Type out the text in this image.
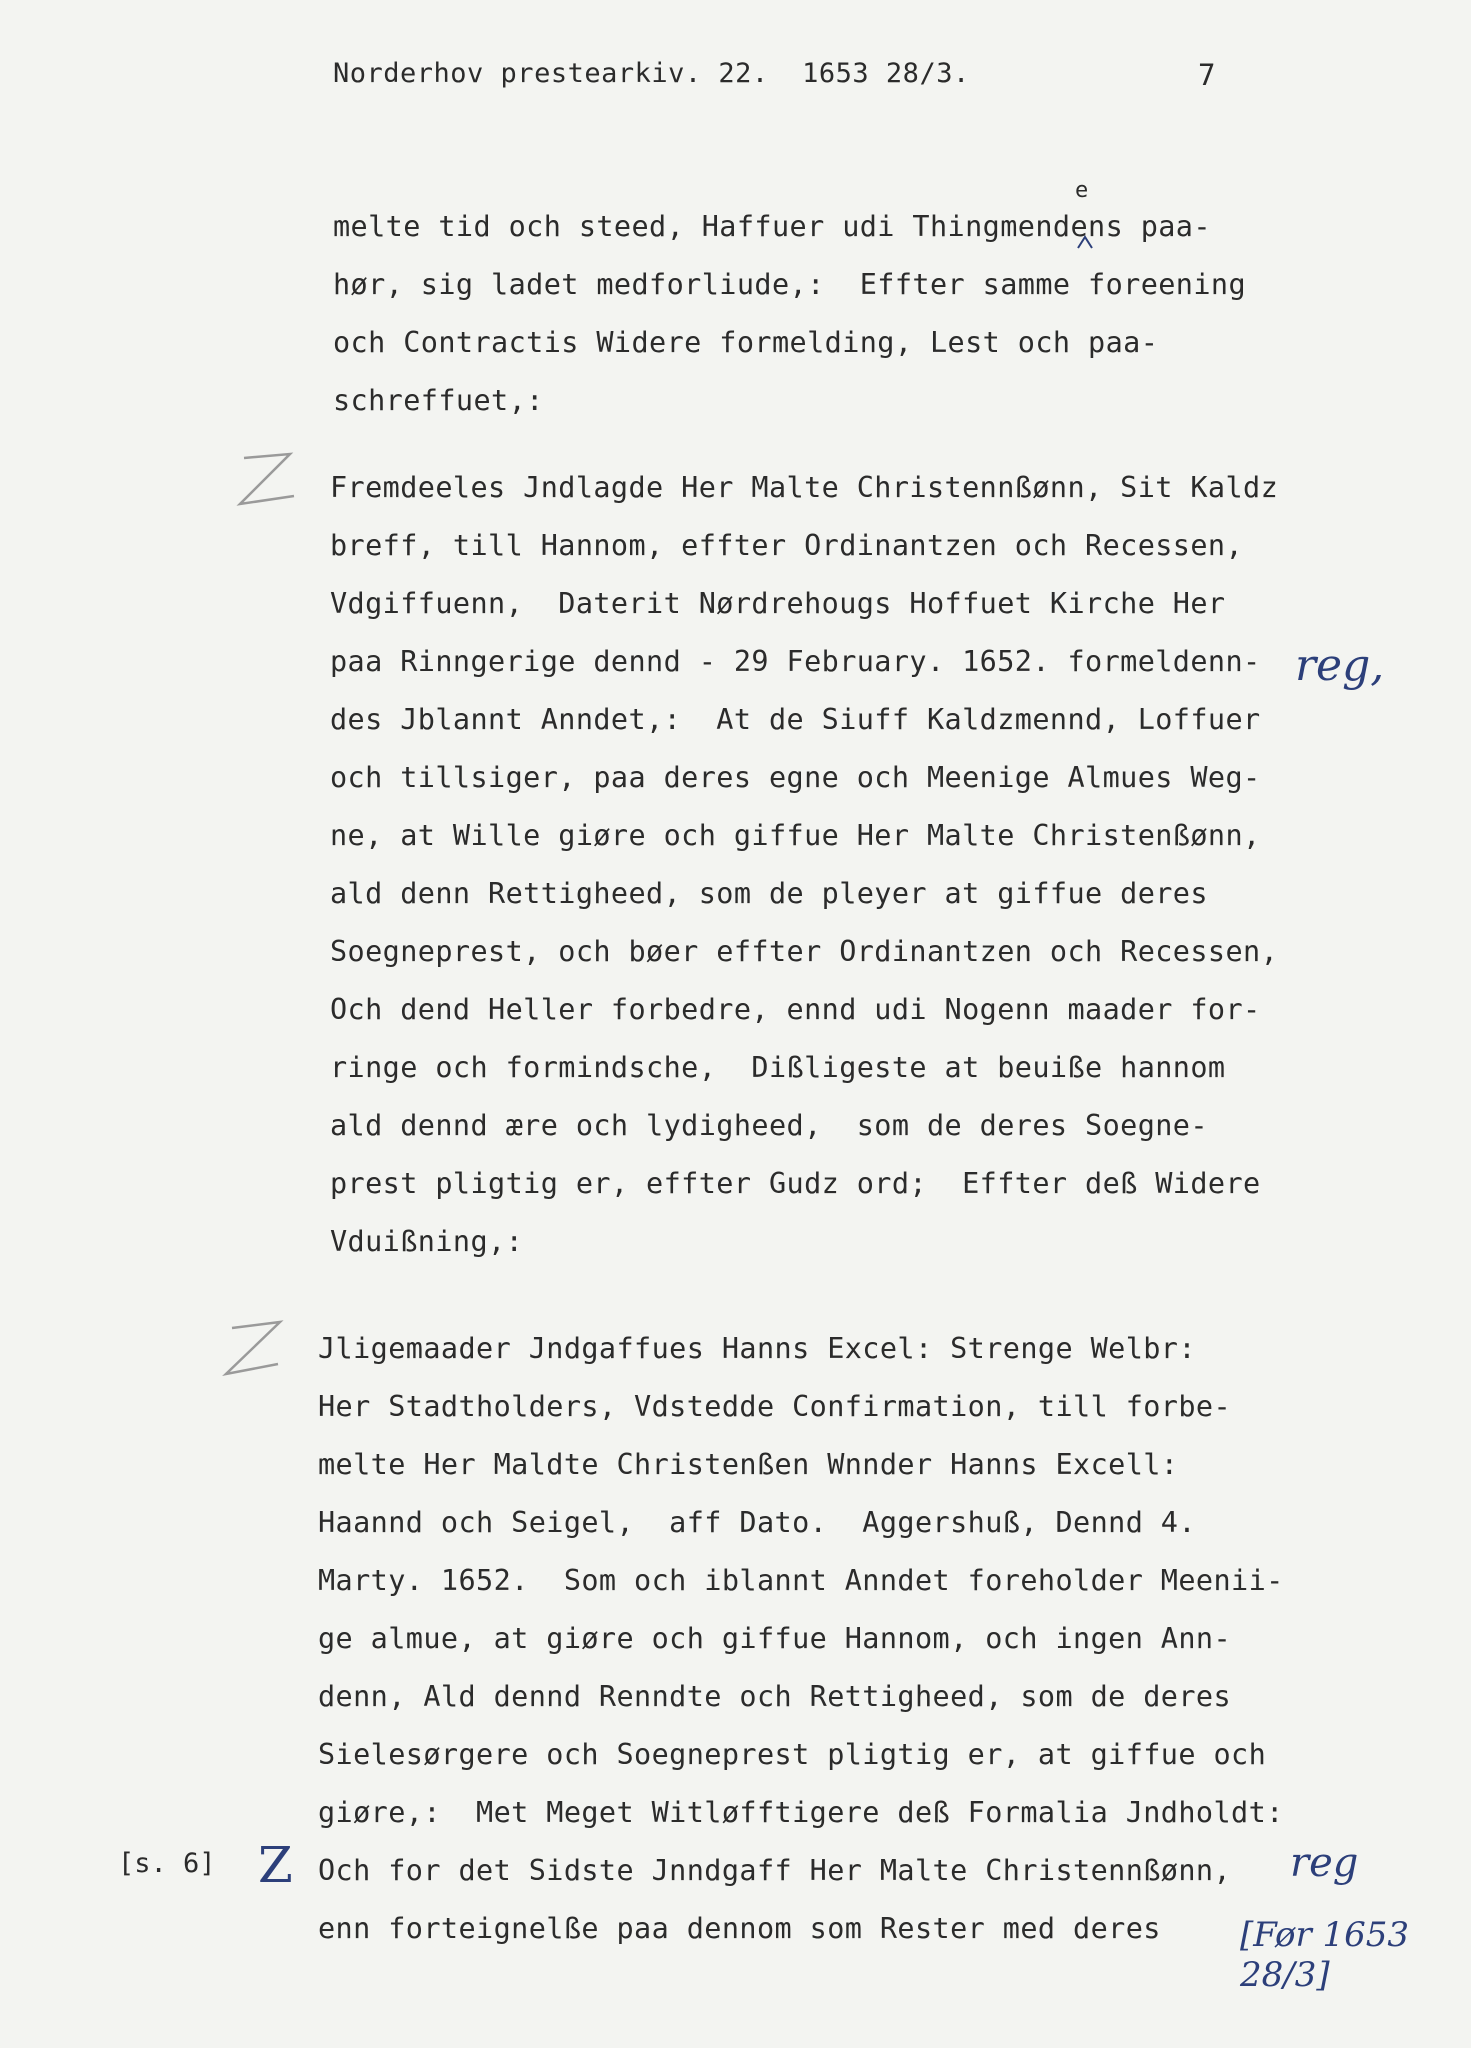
Norderhov prestearkiv. 22.  1653 28/3.	7
melte tid och steed, Haffuer udi Thingmendens paa-
hør, sig ladet medforliude,:  Effter samme foreening
och Contractis Widere formelding, Lest och paa-
schreffuet,:
e
Fremdeeles Jndlagde Her Malte Christennßønn, Sit Kaldz
breff, till Hannom, effter Ordinantzen och Recessen,
Vdgiffuenn,  Daterit Nørdrehougs Hoffuet Kirche Her
paa Rinngerige dennd - 29 February. 1652. formeldenn-
des Jblannt Anndet,:  At de Siuff Kaldzmennd, Loffuer
och tillsiger, paa deres egne och Meenige Almues Weg-
ne, at Wille giøre och giffue Her Malte Christenßønn,
ald denn Rettigheed, som de pleyer at giffue deres
Soegneprest, och bøer effter Ordinantzen och Recessen,
Och dend Heller forbedre, ennd udi Nogenn maader for-
ringe och formindsche,  Dißligeste at beuiße hannom
ald dennd ære och lydigheed,  som de deres Soegne-
prest pligtig er, effter Gudz ord;  Effter deß Widere
Vduißning,:
reg,
Jligemaader Jndgaffues Hanns Excel: Strenge Welbr:
Her Stadtholders, Vdstedde Confirmation, till forbe-
melte Her Maldte Christenßen Wnnder Hanns Excell:
Haannd och Seigel,  aff Dato.  Aggershuß, Dennd 4.
Marty. 1652.  Som och iblannt Anndet foreholder Meenii-
ge almue, at giøre och giffue Hannom, och ingen Ann-
denn, Ald dennd Renndte och Rettigheed, som de deres
Sielesørgere och Soegneprest pligtig er, at giffue och
giøre,:  Met Meget Witløfftigere deß Formalia Jndholdt:
Och for det Sidste Jnndgaff Her Malte Christennßønn,
enn forteignelße paa dennom som Rester med deres
[s. 6] Z	reg
[Før 1653 28/3]
